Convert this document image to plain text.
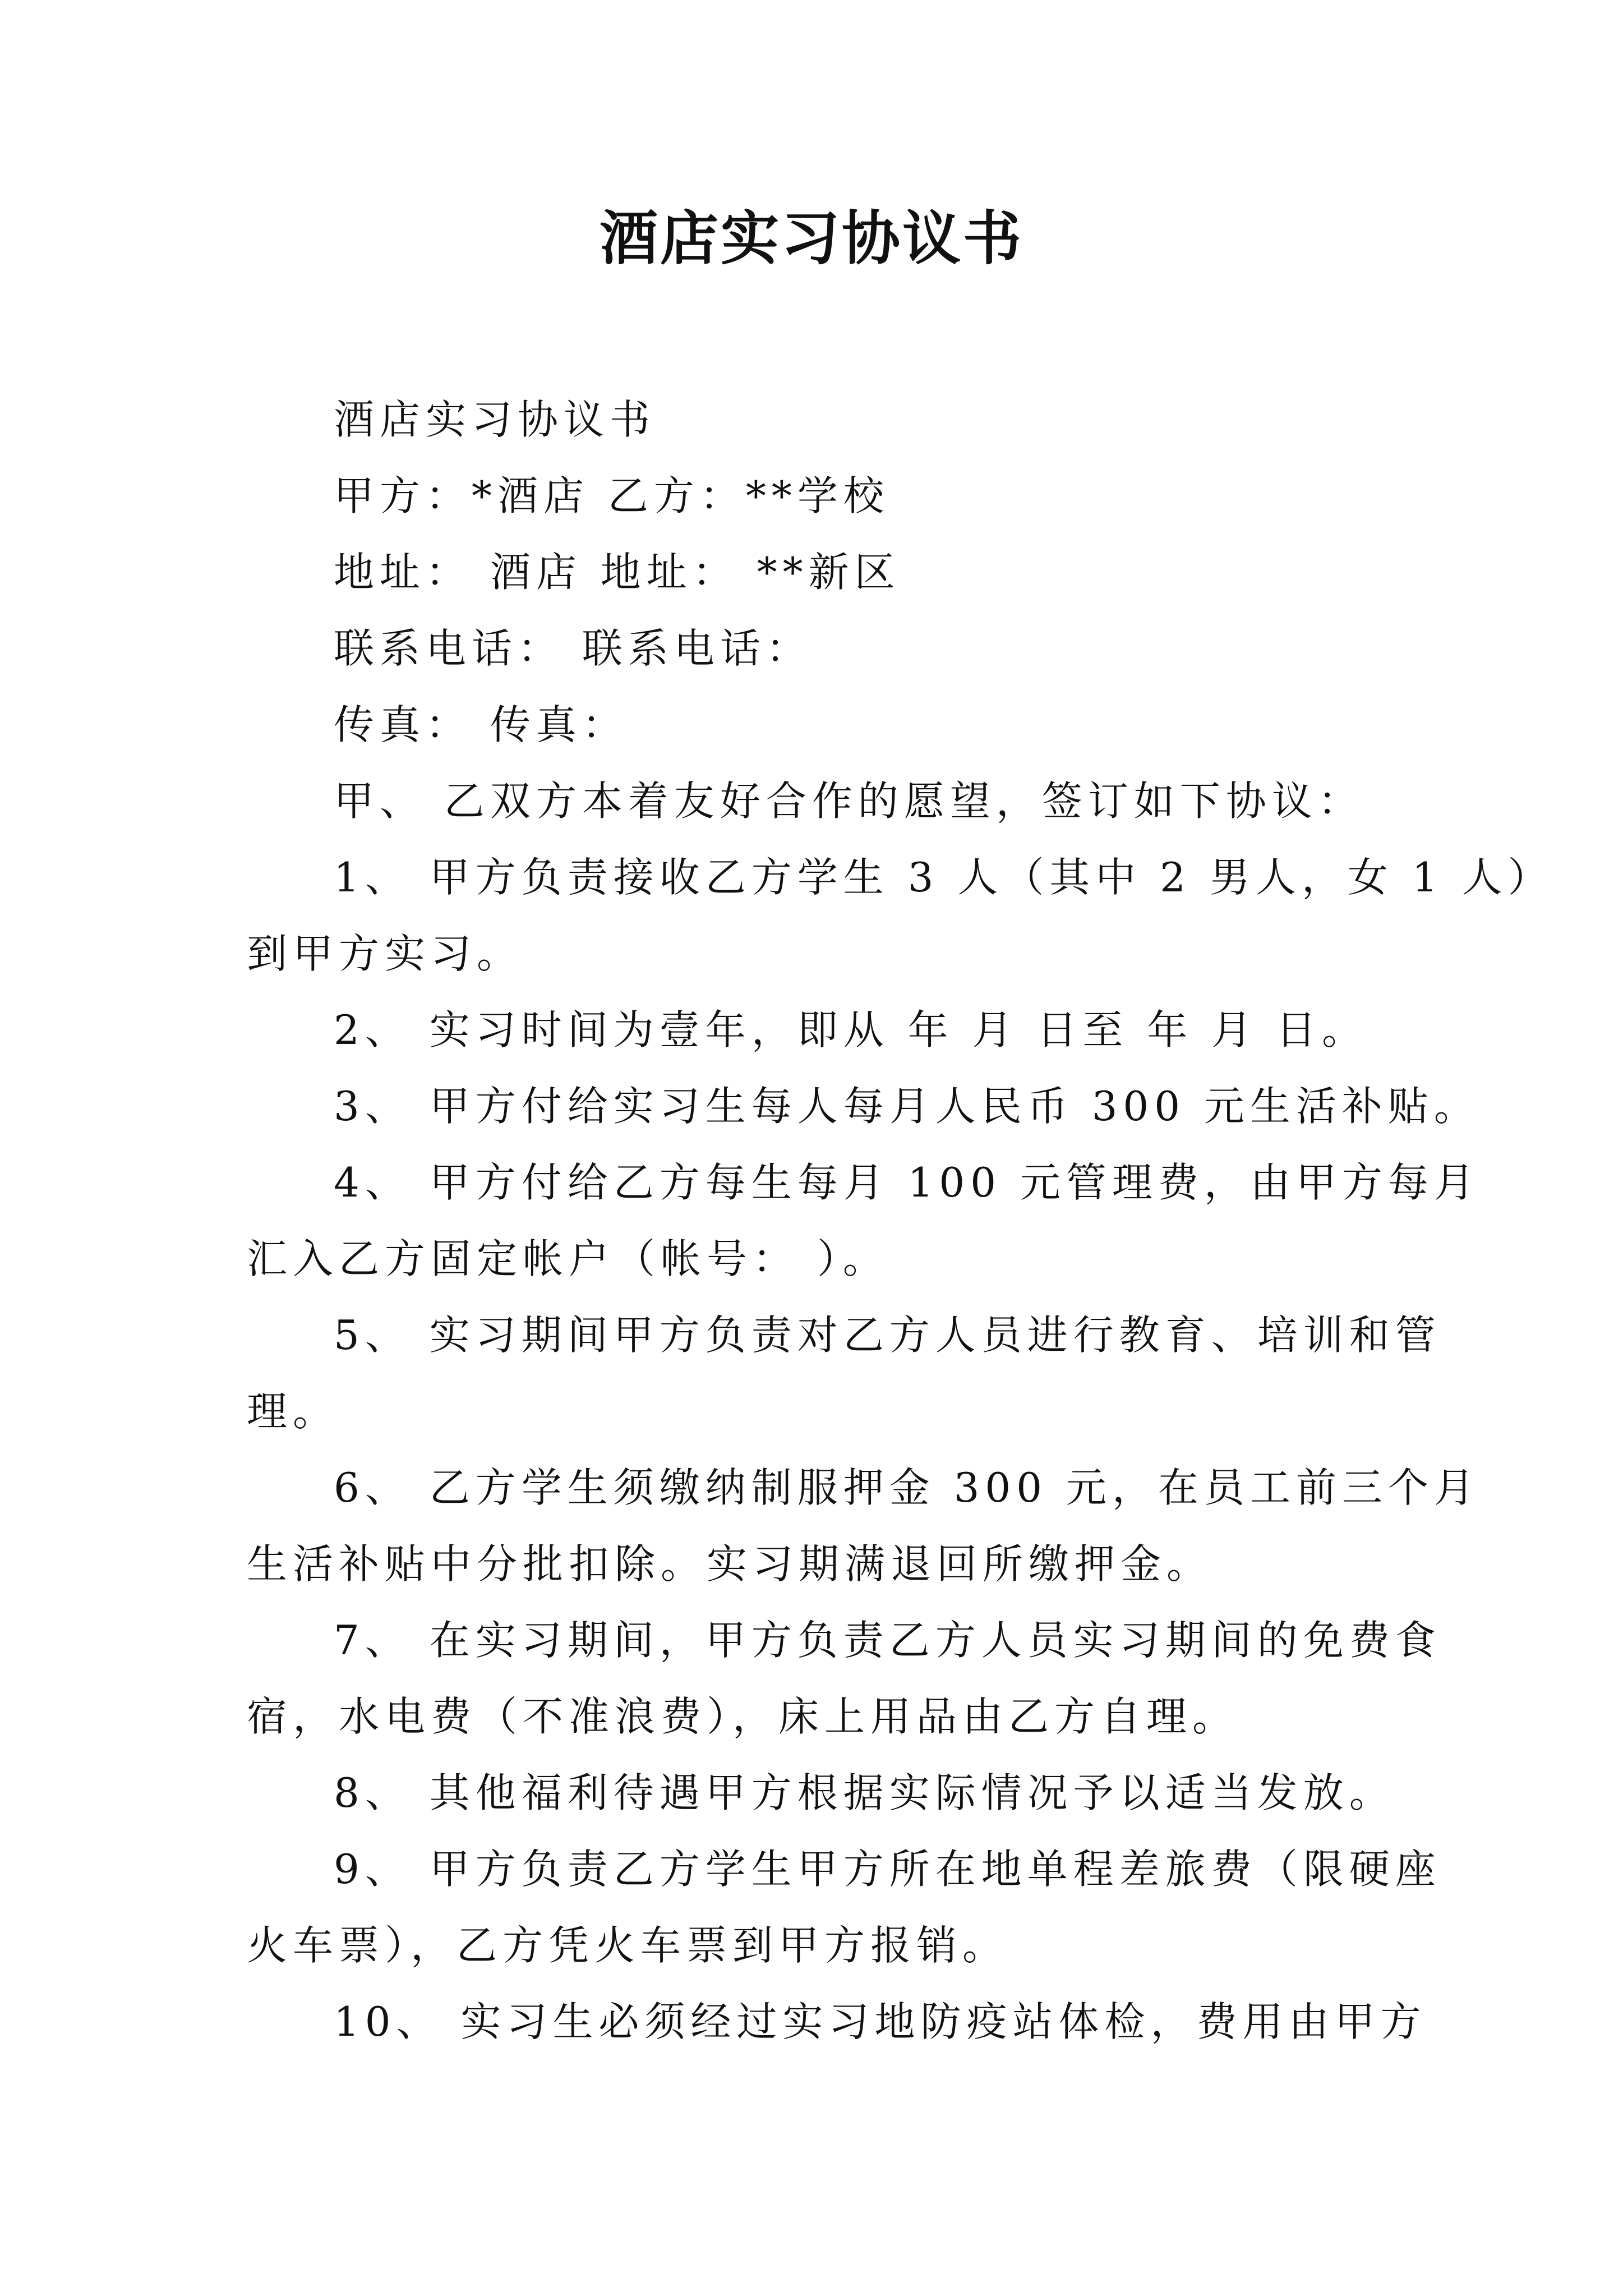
酒店实习协议书
酒店实习协议书
甲方：*酒店 乙方：**学校
地址： 酒店 地址： **新区
联系电话： 联系电话：
传真： 传真：
甲、 乙双方本着友好合作的愿望，签订如下协议：
1、 甲方负责接收乙方学生 3 人（其中 2 男人，女 1 人）
到甲方实习。
2、 实习时间为壹年，即从 年 月 日至 年 月 日。
3、 甲方付给实习生每人每月人民币 300 元生活补贴。
4、 甲方付给乙方每生每月 100 元管理费，由甲方每月
汇入乙方固定帐户（帐号： ）。
5、 实习期间甲方负责对乙方人员进行教育、培训和管
理。
6、 乙方学生须缴纳制服押金 300 元，在员工前三个月
生活补贴中分批扣除。实习期满退回所缴押金。
7、 在实习期间，甲方负责乙方人员实习期间的免费食
宿，水电费（不准浪费），床上用品由乙方自理。
8、 其他福利待遇甲方根据实际情况予以适当发放。
9、 甲方负责乙方学生甲方所在地单程差旅费（限硬座
火车票），乙方凭火车票到甲方报销。
10、 实习生必须经过实习地防疫站体检，费用由甲方
